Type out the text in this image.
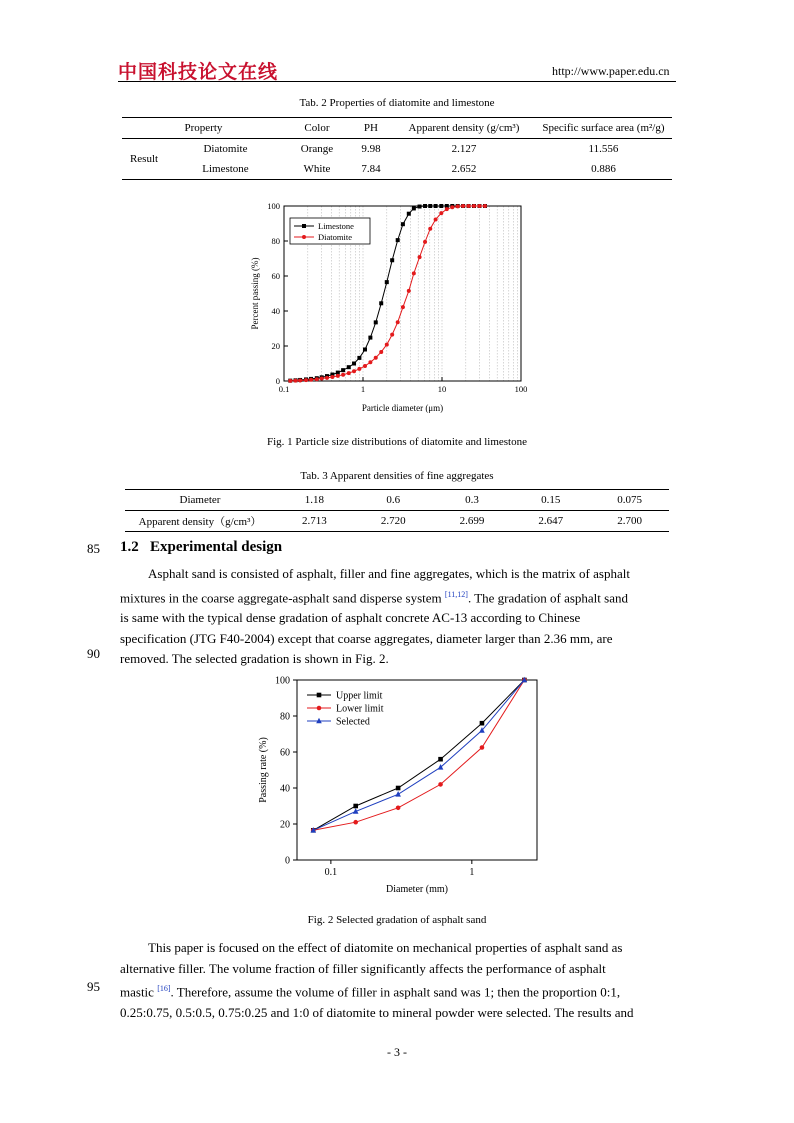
中国科技论文在线	http://www.paper.edu.cn
Tab. 2 Properties of diatomite and limestone
Property		Color	PH	Apparent density (g/cm³)	Specific surface area (m²/g)
Result	Diatomite	Orange	9.98	2.127	11.556
	Limestone	White	7.84	2.652	0.886
0.1	1	10	100
0
20
40
60
80
100
Particle diameter (μm)
Percent passing (%)
Limestone
Diatomite
Fig. 1 Particle size distributions of diatomite and limestone
Tab. 3 Apparent densities of fine aggregates
Diameter	1.18	0.6	0.3	0.15	0.075
Apparent density（g/cm³）	2.713	2.720	2.699	2.647	2.700
85 1.2 Experimental design
Asphalt sand is consisted of asphalt, filler and fine aggregates, which is the matrix of asphalt
mixtures in the coarse aggregate-asphalt sand disperse system [11,12]. The gradation of asphalt sand
is same with the typical dense gradation of asphalt concrete AC-13 according to Chinese
specification (JTG F40-2004) except that coarse aggregates, diameter larger than 2.36 mm, are
removed. The selected gradation is shown in Fig. 2.
90
0.1	1
0
20
40
60
80
100
Diameter (mm)
Passing rate (%)
Upper limit
Lower limit
Selected
Fig. 2 Selected gradation of asphalt sand
This paper is focused on the effect of diatomite on mechanical properties of asphalt sand as
alternative filler. The volume fraction of filler significantly affects the performance of asphalt
mastic [16]. Therefore, assume the volume of filler in asphalt sand was 1; then the proportion 0:1,
0.25:0.75, 0.5:0.5, 0.75:0.25 and 1:0 of diatomite to mineral powder were selected. The results and
95
- 3 -
